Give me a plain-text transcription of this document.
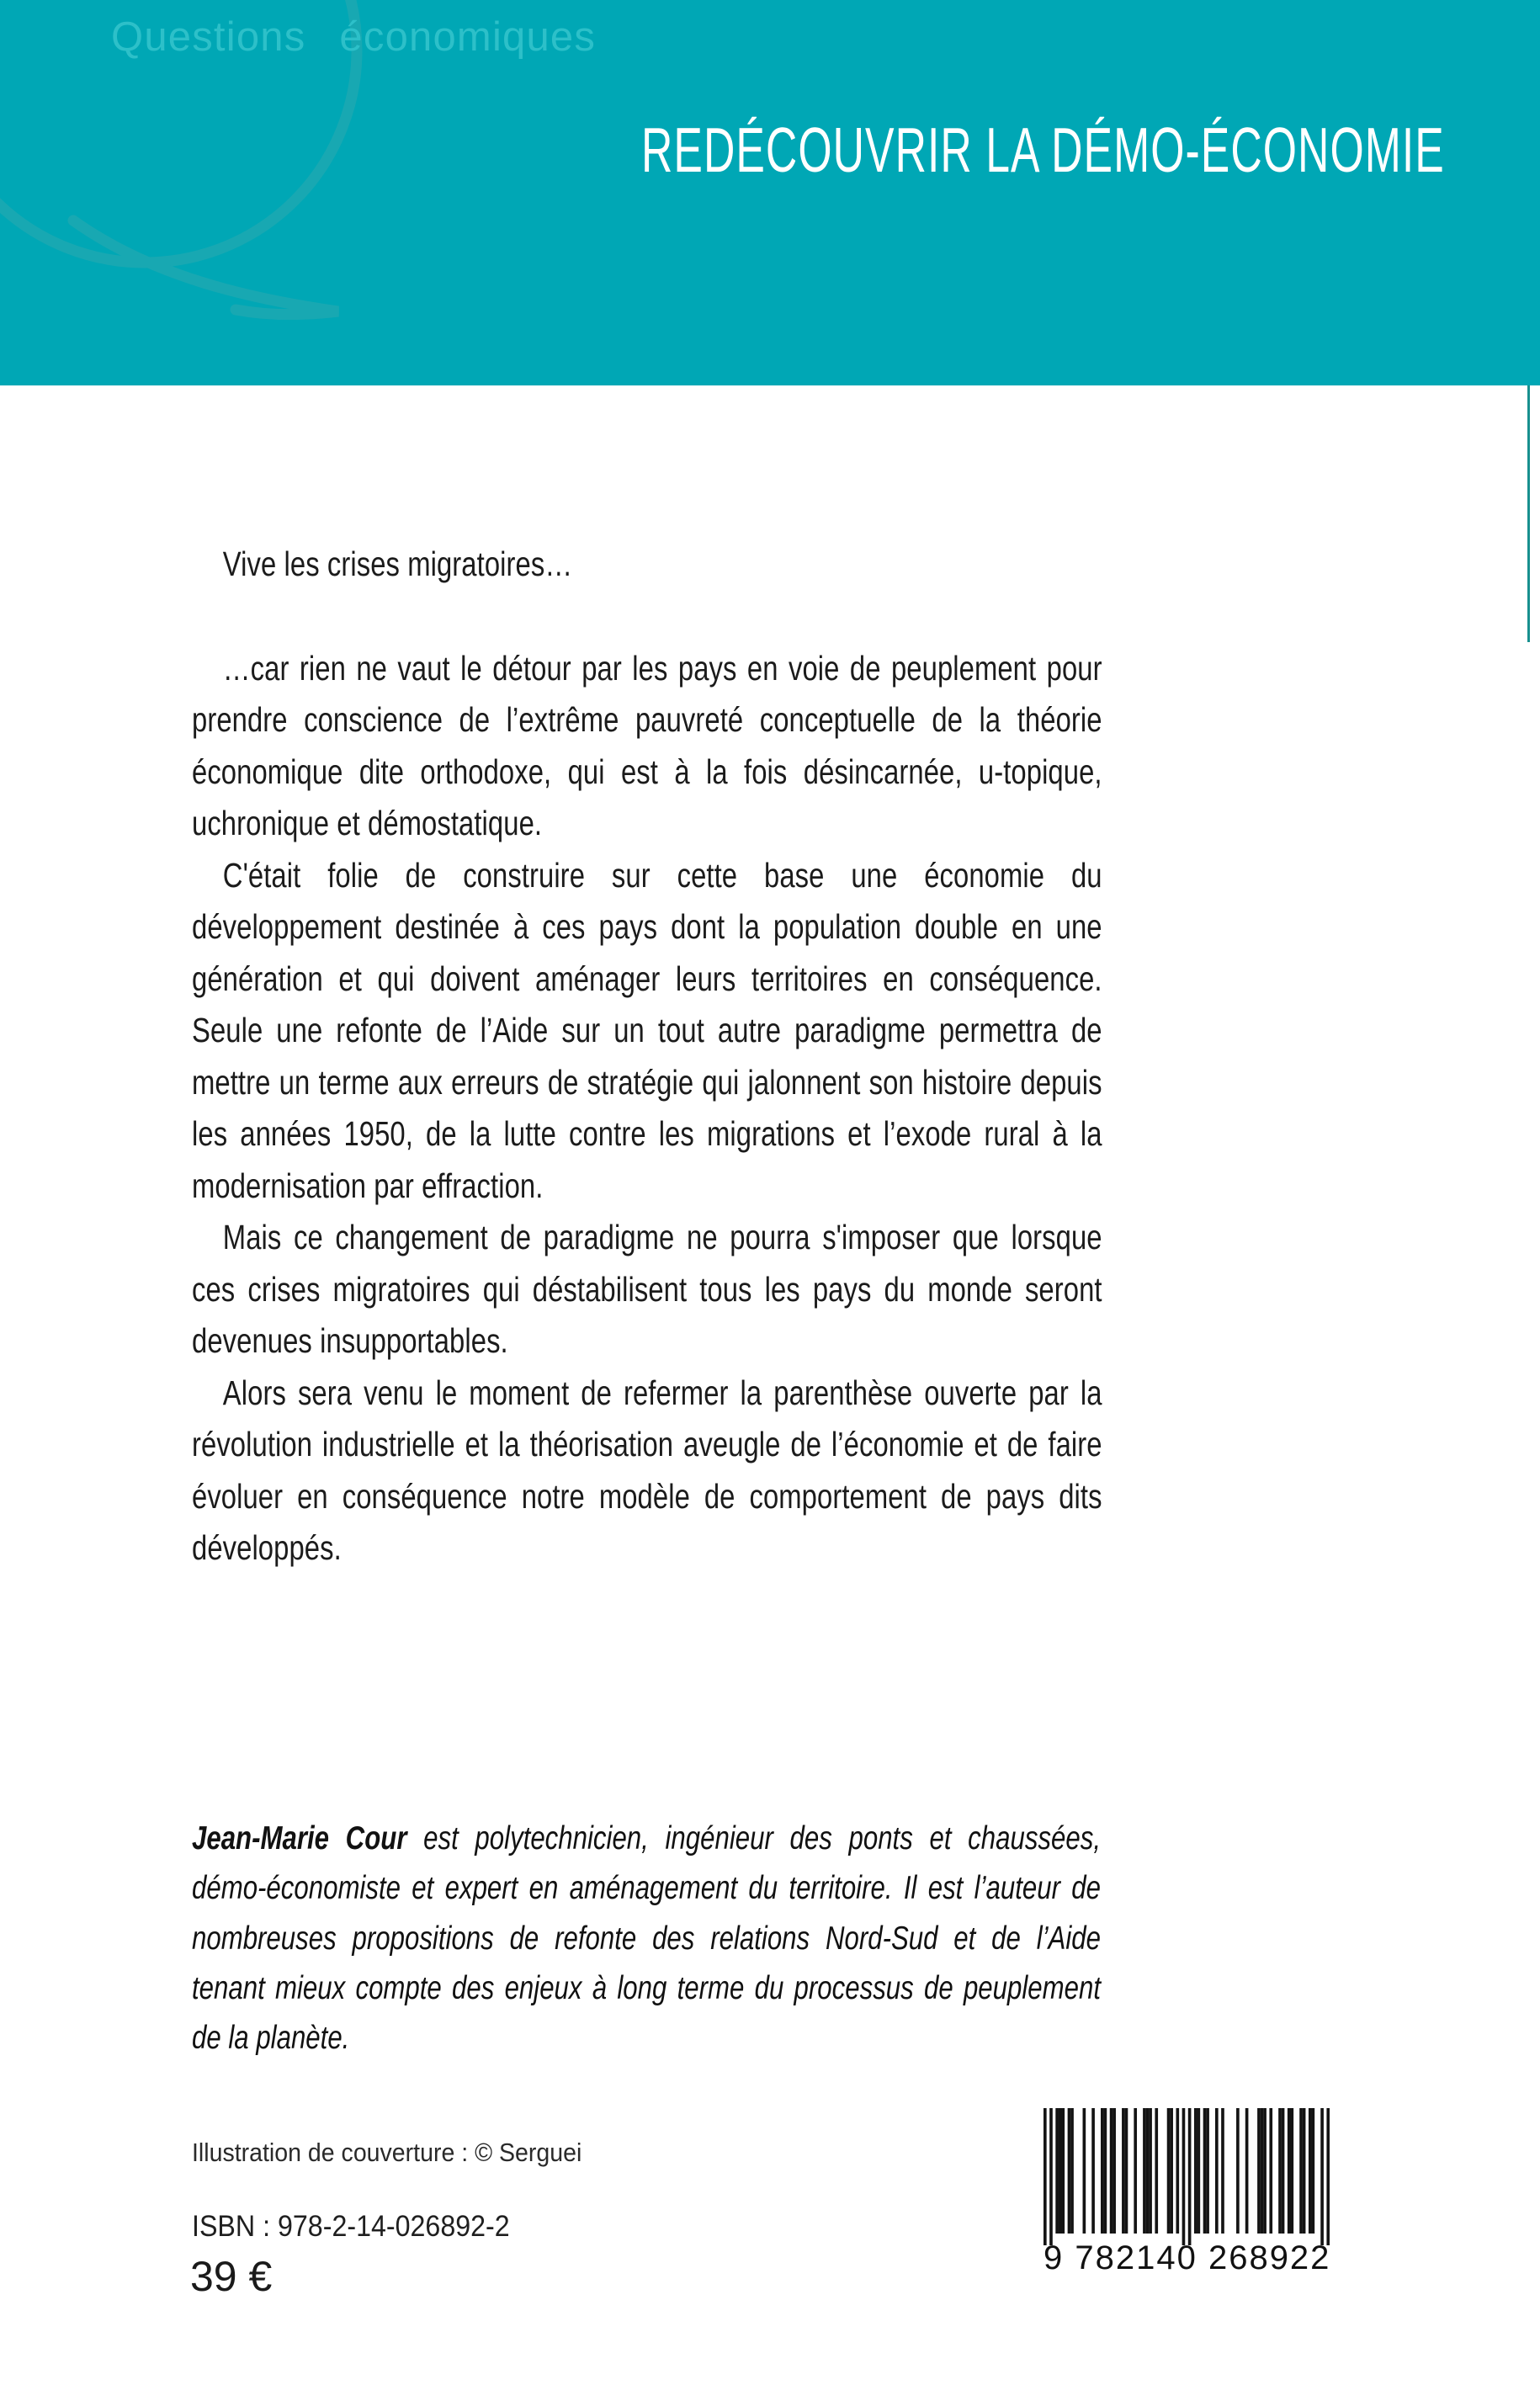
Questions économiques
REDÉCOUVRIR LA DÉMO-ÉCONOMIE

Vive les crises migratoires…

…car rien ne vaut le détour par les pays en voie de peuplement pour prendre conscience de l’extrême pauvreté conceptuelle de la théorie économique dite orthodoxe, qui est à la fois désincarnée, u-topique, uchronique et démostatique.

C'était folie de construire sur cette base une économie du développement destinée à ces pays dont la population double en une génération et qui doivent aménager leurs territoires en conséquence. Seule une refonte de l’Aide sur un tout autre paradigme permettra de mettre un terme aux erreurs de stratégie qui jalonnent son histoire depuis les années 1950, de la lutte contre les migrations et l’exode rural à la modernisation par effraction.

Mais ce changement de paradigme ne pourra s'imposer que lorsque ces crises migratoires qui déstabilisent tous les pays du monde seront devenues insupportables.

Alors sera venu le moment de refermer la parenthèse ouverte par la révolution industrielle et la théorisation aveugle de l’économie et de faire évoluer en conséquence notre modèle de comportement de pays dits développés.

Jean-Marie Cour est polytechnicien, ingénieur des ponts et chaussées, démo-économiste et expert en aménagement du territoire. Il est l’auteur de nombreuses propositions de refonte des relations Nord-Sud et de l’Aide tenant mieux compte des enjeux à long terme du processus de peuplement de la planète.
Illustration de couverture : © Serguei
ISBN : 978-2-14-026892-2
39 €	9 782140 268922
